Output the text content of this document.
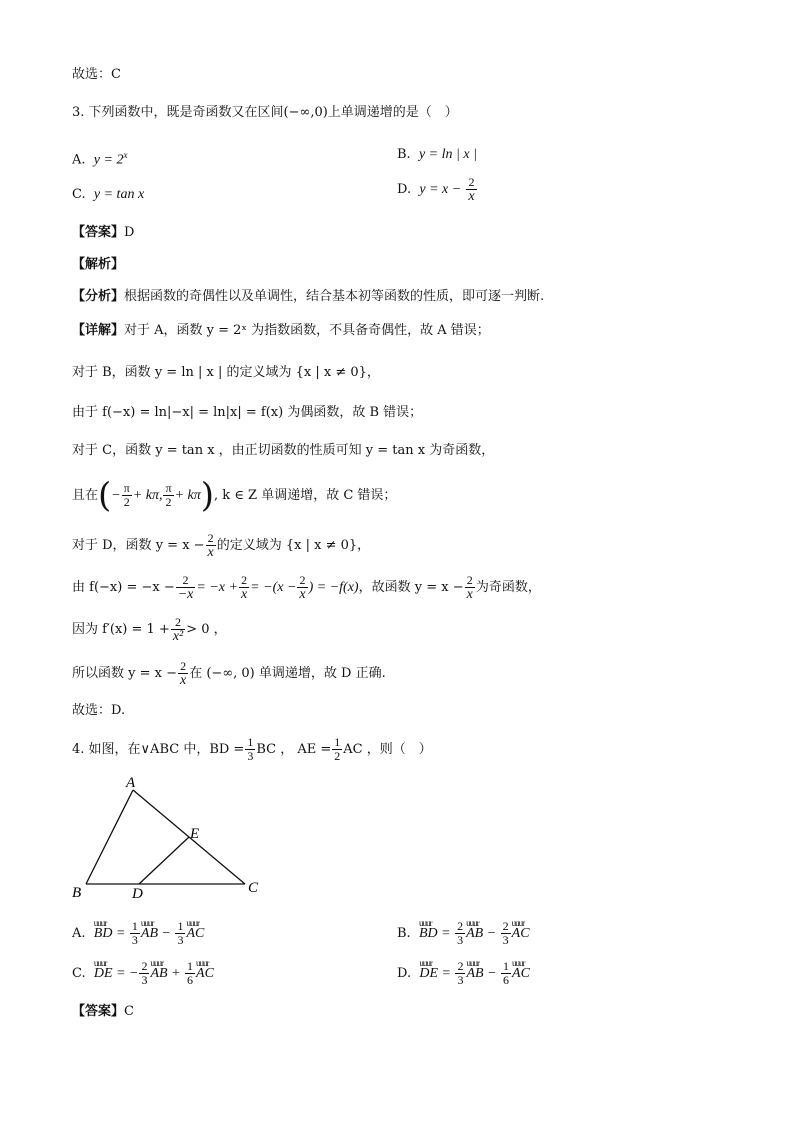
故选：C
3. 下列函数中，既是奇函数又在区间(−∞,0)上单调递增的是（　）
A. $y = 2^x$	B. y = ln | x |
C. y = tan x	D. $y = x - \frac{2}{x}$
【答案】D
【解析】
【分析】根据函数的奇偶性以及单调性，结合基本初等函数的性质，即可逐一判断.
【详解】对于 A，函数 y = 2ˣ 为指数函数，不具备奇偶性，故 A 错误；
对于 B，函数 y = ln | x | 的定义域为 {x | x ≠ 0}，
由于 f(−x) = ln|−x| = ln|x| = f(x) 为偶函数，故 B 错误；
对于 C，函数 y = tan x ，由正切函数的性质可知 y = tan x 为奇函数，
且在(− $\frac{\pi}{2} + k\pi$, $\frac{\pi}{2} + k\pi$), k ∈ Z 单调递增，故 C 错误；
对于 D，函数 $y = x - \frac{2}{x}$ 的定义域为 {x | x ≠ 0}，
由 $f(-x) = -x - \frac{2}{-x} = -x + \frac{2}{x} = -(x - \frac{2}{x}$ ) = −f(x)，故函数 $y = x - \frac{2}{x}$ 为奇函数，
因为 $f'(x) = 1 + \frac{2}{\text{x²}} > 0$ ，
所以函数 $y = x - \frac{2}{x}$ 在 (−∞, 0) 单调递增，故 D 正确.
故选：D.
4. 如图，在∨ABC 中，BD = $\frac{1}{3}$ BC ， AE = $\frac{1}{2}$ AC ，则（　）
A
B	C
D
E
A. uuur BD = $\frac{1}{3}$ uuur AB − $\frac{1}{3}$ uuur AC	B. uuur BD = $\frac{2}{3}$ uuur AB − $\frac{2}{3}$ uuur AC
C. uuur DE = − $\frac{2}{3}$ uuur AB + $\frac{1}{6}$ uuur AC	D. uuur DE = $\frac{2}{3}$ uuur AB − $\frac{1}{6}$ uuur AC
【答案】C
